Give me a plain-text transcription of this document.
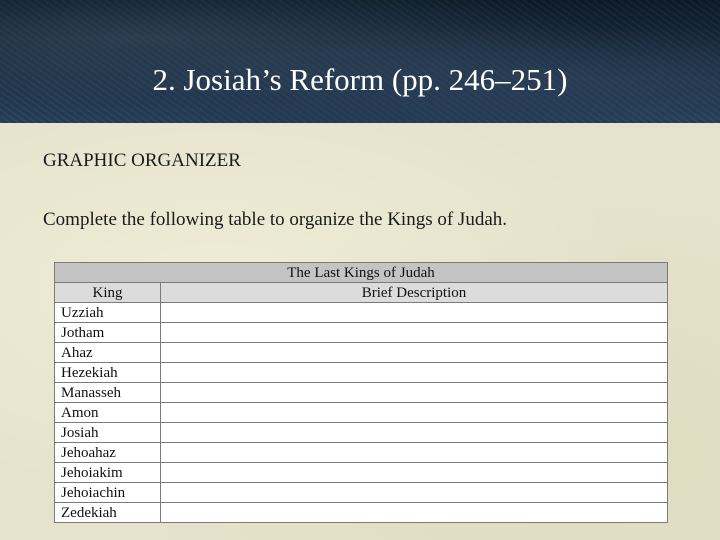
2. Josiah’s Reform (pp. 246–251)
GRAPHIC ORGANIZER
Complete the following table to organize the Kings of Judah.
The Last Kings of Judah	
King	Brief Description
Uzziah	
Jotham	
Ahaz	
Hezekiah	
Manasseh	
Amon	
Josiah	
Jehoahaz	
Jehoiakim	
Jehoiachin	
Zedekiah	
